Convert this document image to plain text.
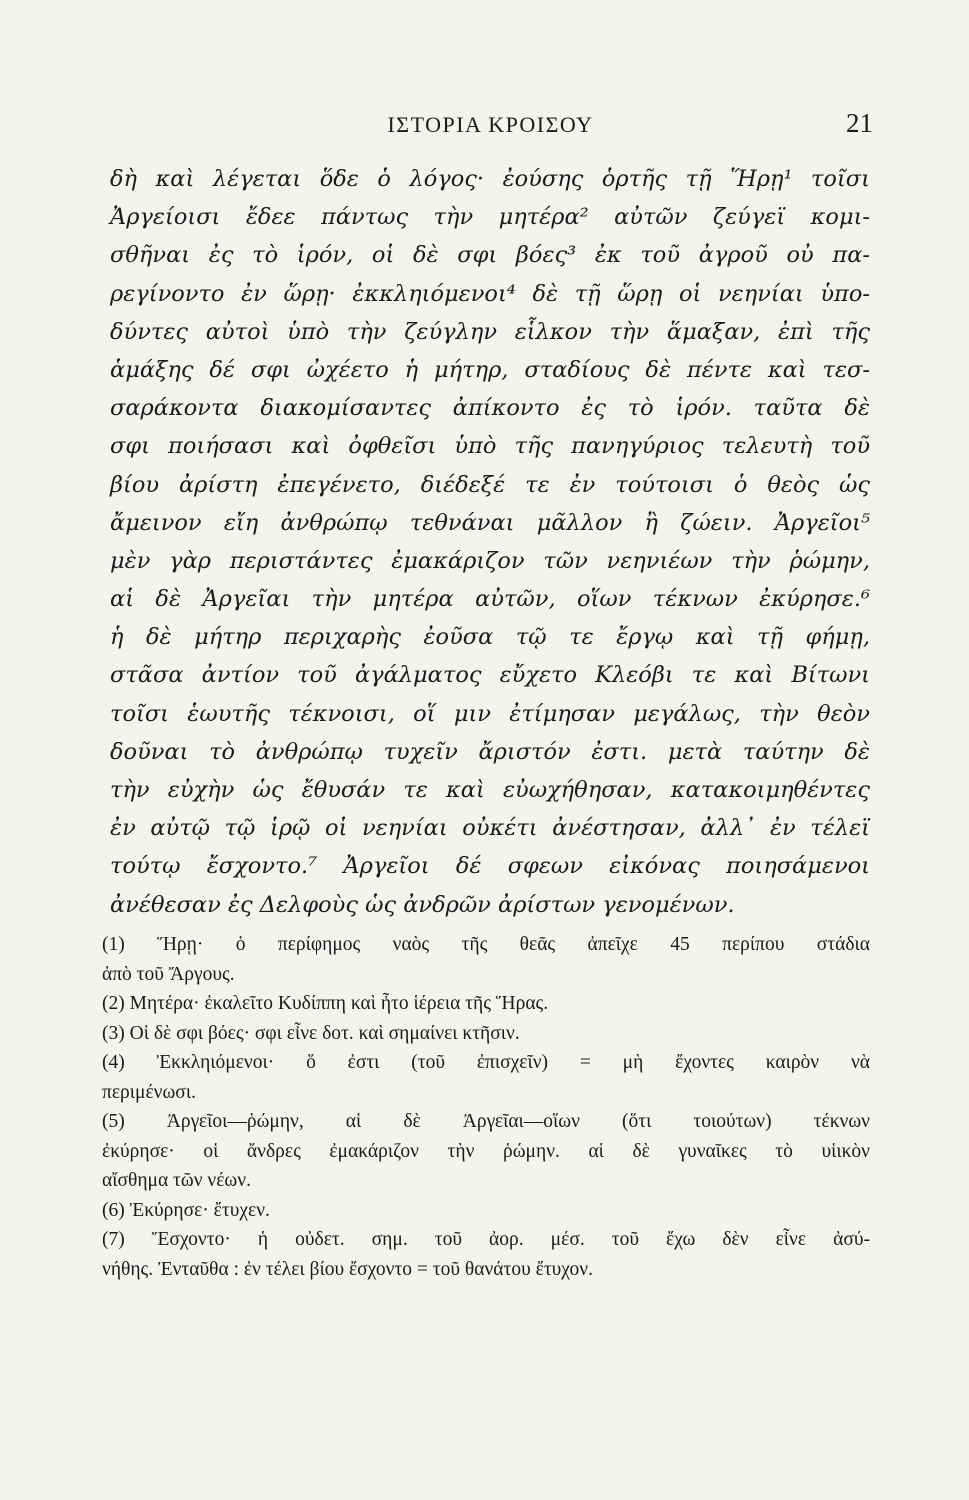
ΙΣΤΟΡΙΑ ΚΡΟΙΣΟΥ	21
δὴ καὶ λέγεται ὅδε ὁ λόγος· ἐούσης ὁρτῆς τῇ Ἥρῃ¹ τοῖσι
Ἀργείοισι ἔδεε πάντως τὴν μητέρα² αὐτῶν ζεύγεϊ κομι-
σθῆναι ἐς τὸ ἱρόν, οἱ δὲ σφι βόες³ ἐκ τοῦ ἀγροῦ οὐ πα-
ρεγίνοντο ἐν ὥρῃ· ἐκκληιόμενοι⁴ δὲ τῇ ὥρῃ οἱ νεηνίαι ὑπο-
δύντες αὐτοὶ ὑπὸ τὴν ζεύγλην εἷλκον τὴν ἅμαξαν, ἐπὶ τῆς
ἁμάξης δέ σφι ὠχέετο ἡ μήτηρ, σταδίους δὲ πέντε καὶ τεσ-
σαράκοντα διακομίσαντες ἀπίκοντο ἐς τὸ ἱρόν. ταῦτα δὲ
σφι ποιήσασι καὶ ὀφθεῖσι ὑπὸ τῆς πανηγύριος τελευτὴ τοῦ
βίου ἀρίστη ἐπεγένετο, διέδεξέ τε ἐν τούτοισι ὁ θεὸς ὡς
ἄμεινον εἴη ἀνθρώπῳ τεθνάναι μᾶλλον ἢ ζώειν. Ἀργεῖοι⁵
μὲν γὰρ περιστάντες ἐμακάριζον τῶν νεηνιέων τὴν ῥώμην,
αἱ δὲ Ἀργεῖαι τὴν μητέρα αὐτῶν, οἵων τέκνων ἐκύρησε.⁶
ἡ δὲ μήτηρ περιχαρὴς ἐοῦσα τῷ τε ἔργῳ καὶ τῇ φήμῃ,
στᾶσα ἀντίον τοῦ ἀγάλματος εὔχετο Κλεόβι τε καὶ Βίτωνι
τοῖσι ἑωυτῆς τέκνοισι, οἵ μιν ἐτίμησαν μεγάλως, τὴν θεὸν
δοῦναι τὸ ἀνθρώπῳ τυχεῖν ἄριστόν ἐστι. μετὰ ταύτην δὲ
τὴν εὐχὴν ὡς ἔθυσάν τε καὶ εὐωχήθησαν, κατακοιμηθέντες
ἐν αὐτῷ τῷ ἱρῷ οἱ νεηνίαι οὐκέτι ἀνέστησαν, ἀλλ᾽ ἐν τέλεϊ
τούτῳ ἔσχοντο.⁷ Ἀργεῖοι δέ σφεων εἰκόνας ποιησάμενοι
ἀνέθεσαν ἐς Δελφοὺς ὡς ἀνδρῶν ἀρίστων γενομένων.
(1) Ἥρῃ· ὁ περίφημος ναὸς τῆς θεᾶς ἀπεῖχε 45 περίπου στάδια
ἀπὸ τοῦ Ἄργους.
(2) Μητέρα· ἐκαλεῖτο Κυδίππη καὶ ἦτο ἱέρεια τῆς Ἥρας.
(3) Οἱ δὲ σφι βόες· σφι εἶνε δοτ. καὶ σημαίνει κτῆσιν.
(4) Ἐκκληιόμενοι· ὅ ἐστι (τοῦ ἐπισχεῖν) = μὴ ἔχοντες καιρὸν νὰ
περιμένωσι.
(5) Ἀργεῖοι—ῥώμην, αἱ δὲ Ἀργεῖαι—οἵων (ὅτι τοιούτων) τέκνων
ἐκύρησε· οἱ ἄνδρες ἐμακάριζον τὴν ῥώμην. αἱ δὲ γυναῖκες τὸ υἱικὸν
αἴσθημα τῶν νέων.
(6) Ἐκύρησε· ἔτυχεν.
(7) Ἔσχοντο· ἡ οὐδετ. σημ. τοῦ ἀορ. μέσ. τοῦ ἔχω δὲν εἶνε ἀσύ-
νήθης. Ἐνταῦθα : ἐν τέλει βίου ἔσχοντο = τοῦ θανάτου ἔτυχον.
